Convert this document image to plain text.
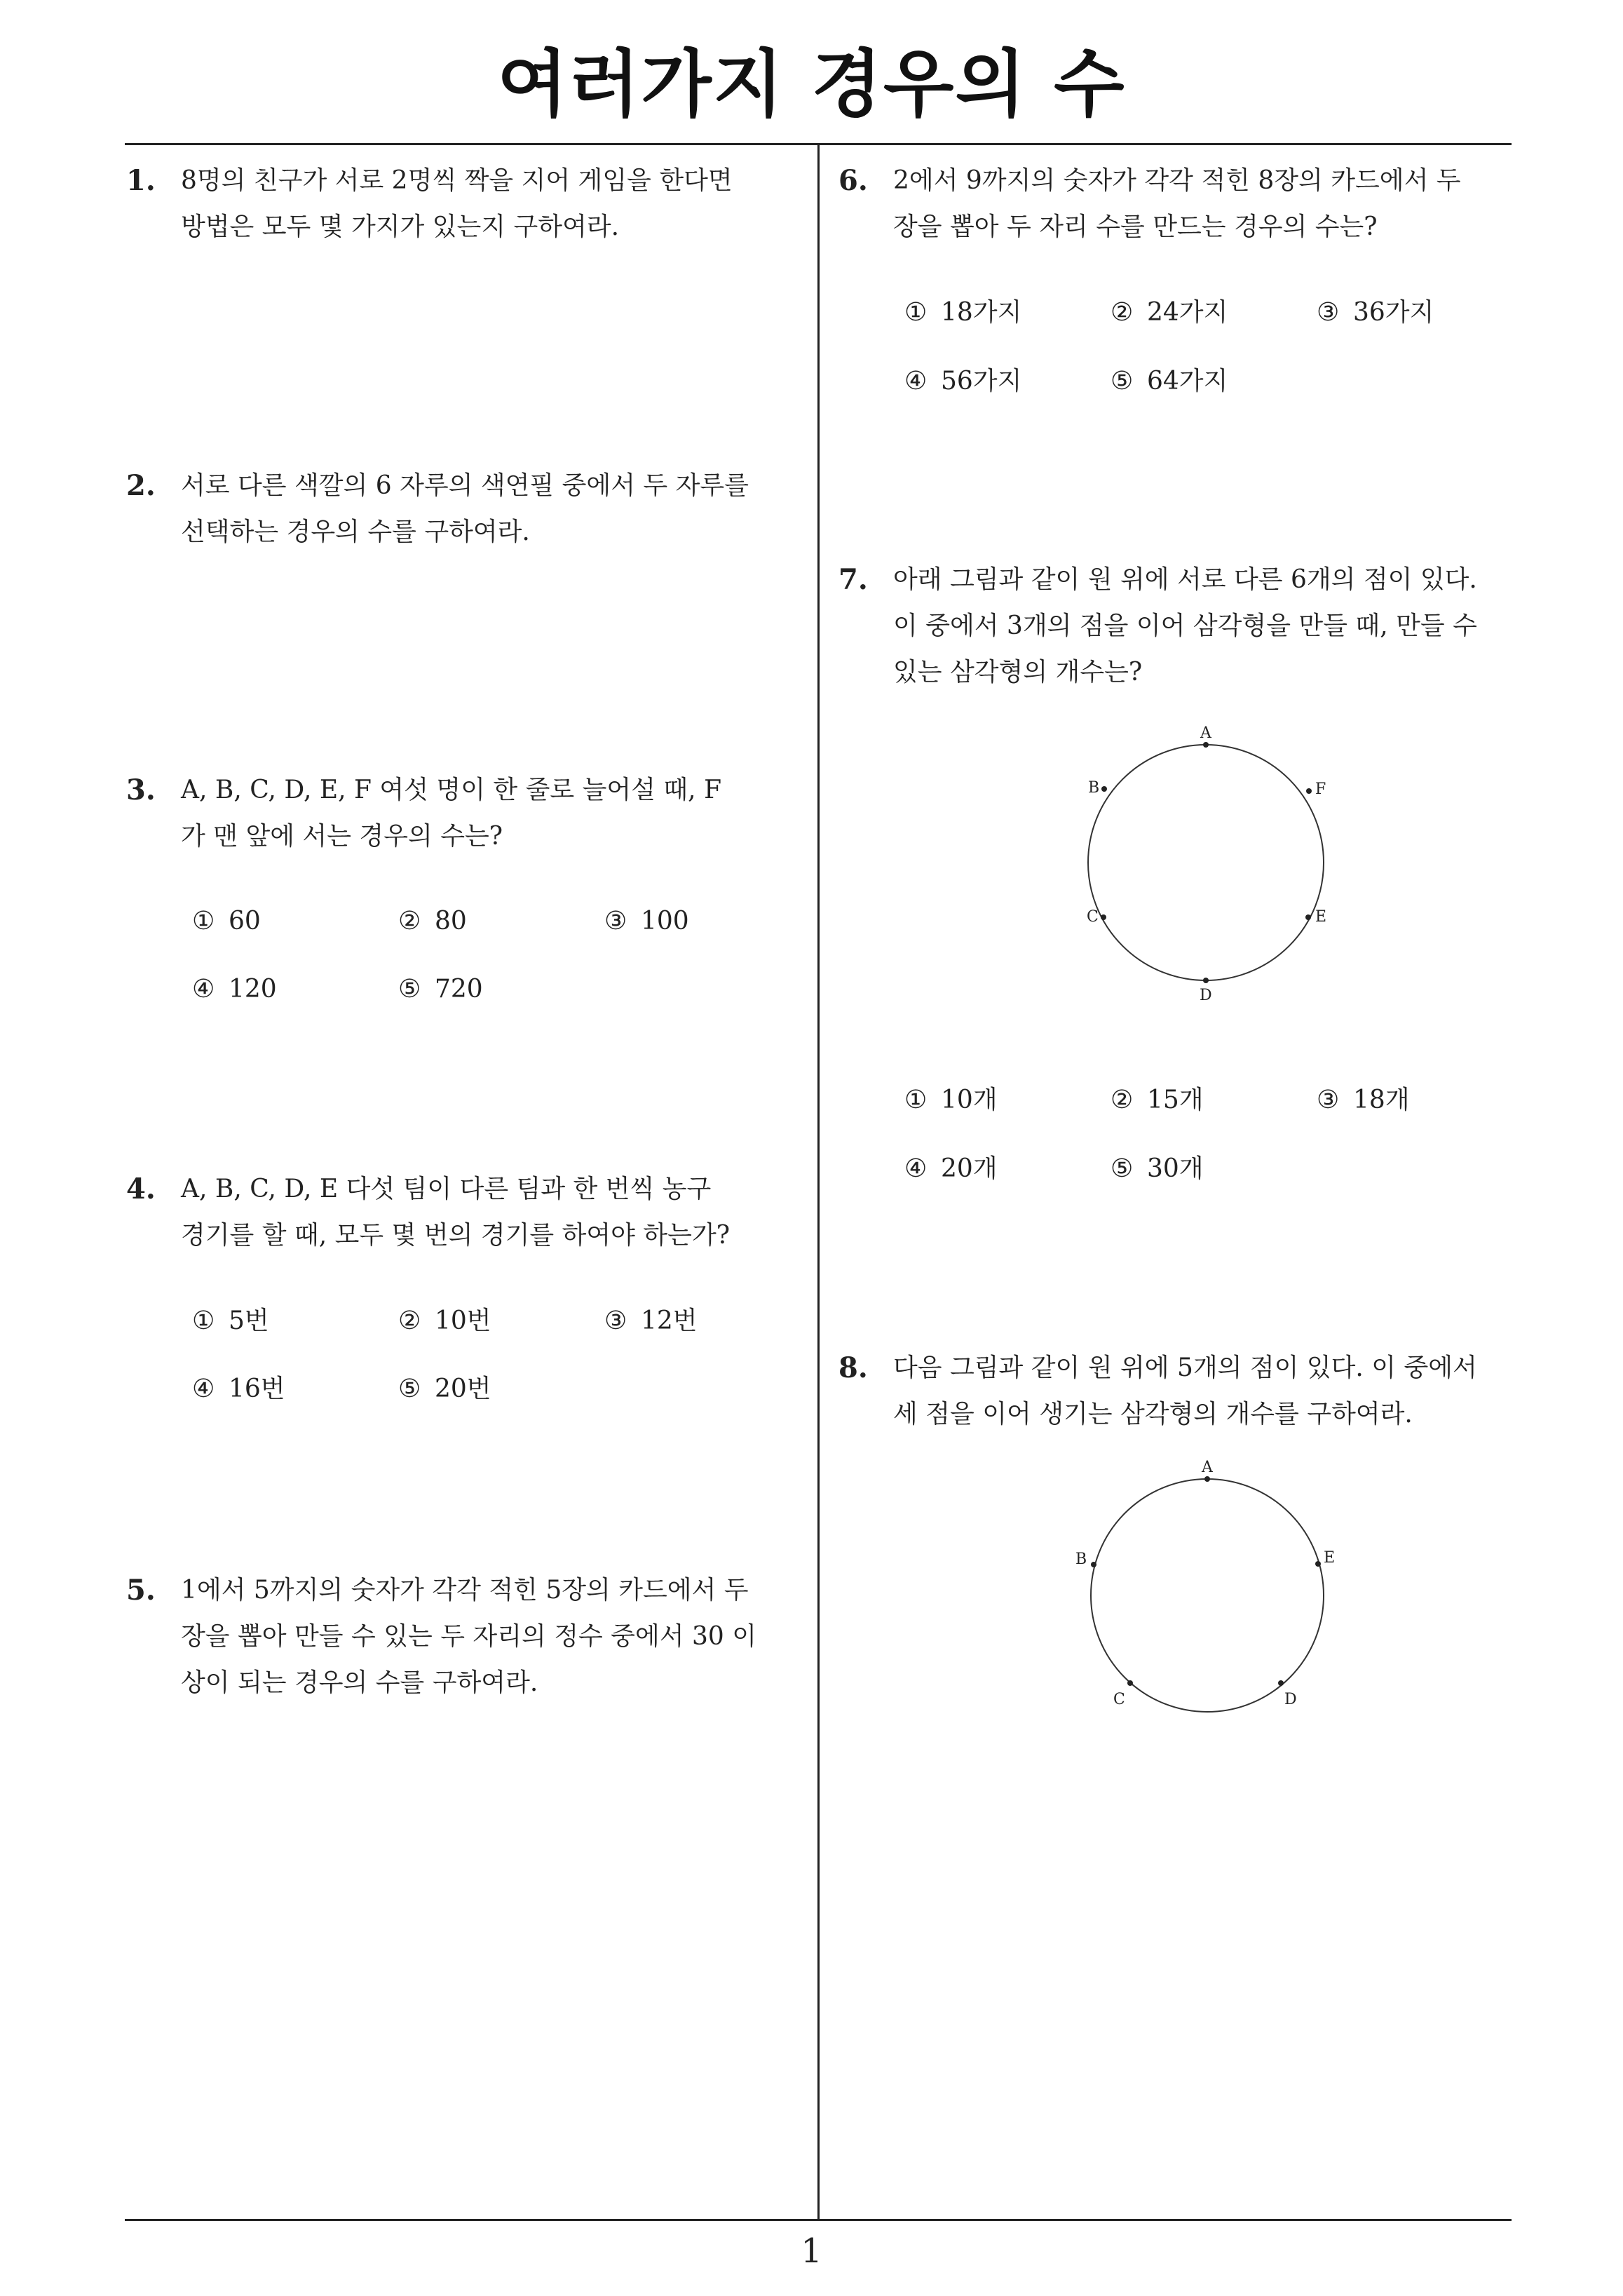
여러가지 경우의 수
1. 8명의 친구가 서로 2명씩 짝을 지어 게임을 한다면
방법은 모두 몇 가지가 있는지 구하여라.
2. 서로 다른 색깔의 6 자루의 색연필 중에서 두 자루를
선택하는 경우의 수를 구하여라.
3. A, B, C, D, E, F 여섯 명이 한 줄로 늘어설 때, F
가 맨 앞에 서는 경우의 수는?
① 60	② 80	③ 100
④ 120	⑤ 720
4. A, B, C, D, E 다섯 팀이 다른 팀과 한 번씩 농구
경기를 할 때, 모두 몇 번의 경기를 하여야 하는가?
① 5번	② 10번	③ 12번
④ 16번	⑤ 20번
5. 1에서 5까지의 숫자가 각각 적힌 5장의 카드에서 두
장을 뽑아 만들 수 있는 두 자리의 정수 중에서 30 이
상이 되는 경우의 수를 구하여라.
6. 2에서 9까지의 숫자가 각각 적힌 8장의 카드에서 두
장을 뽑아 두 자리 수를 만드는 경우의 수는?
① 18가지	② 24가지	③ 36가지
④ 56가지	⑤ 64가지
7. 아래 그림과 같이 원 위에 서로 다른 6개의 점이 있다.
이 중에서 3개의 점을 이어 삼각형을 만들 때, 만들 수
있는 삼각형의 개수는?
A
B
C
D
E
F
① 10개	② 15개	③ 18개
④ 20개	⑤ 30개
8. 다음 그림과 같이 원 위에 5개의 점이 있다. 이 중에서
세 점을 이어 생기는 삼각형의 개수를 구하여라.
A
B
C	D
E
1
